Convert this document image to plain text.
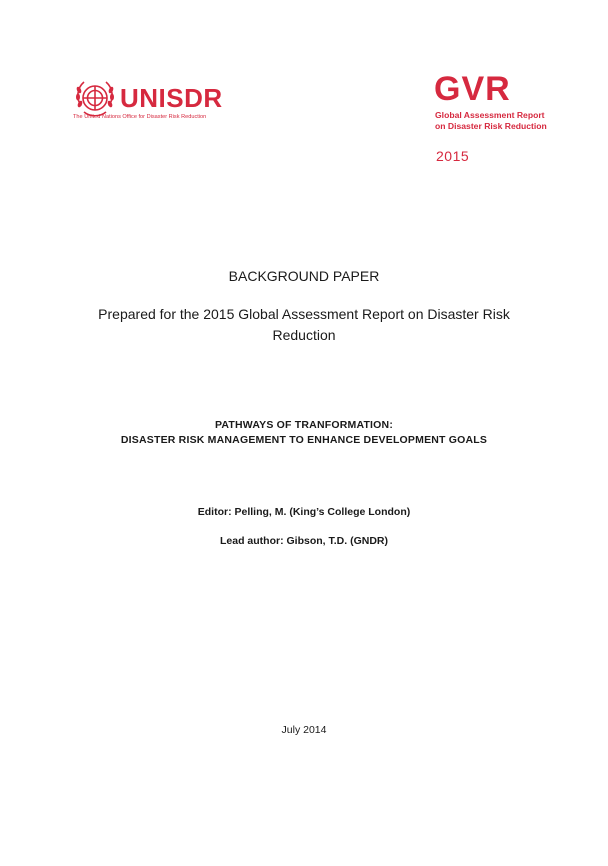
UNISDR
The United Nations Office for Disaster Risk Reduction
GVR
Global Assessment Report
on Disaster Risk Reduction
2015
BACKGROUND PAPER
Prepared for the 2015 Global Assessment Report on Disaster Risk
Reduction
PATHWAYS OF TRANFORMATION:
DISASTER RISK MANAGEMENT TO ENHANCE DEVELOPMENT GOALS
Editor: Pelling, M. (King’s College London)
Lead author: Gibson, T.D. (GNDR)
July 2014
